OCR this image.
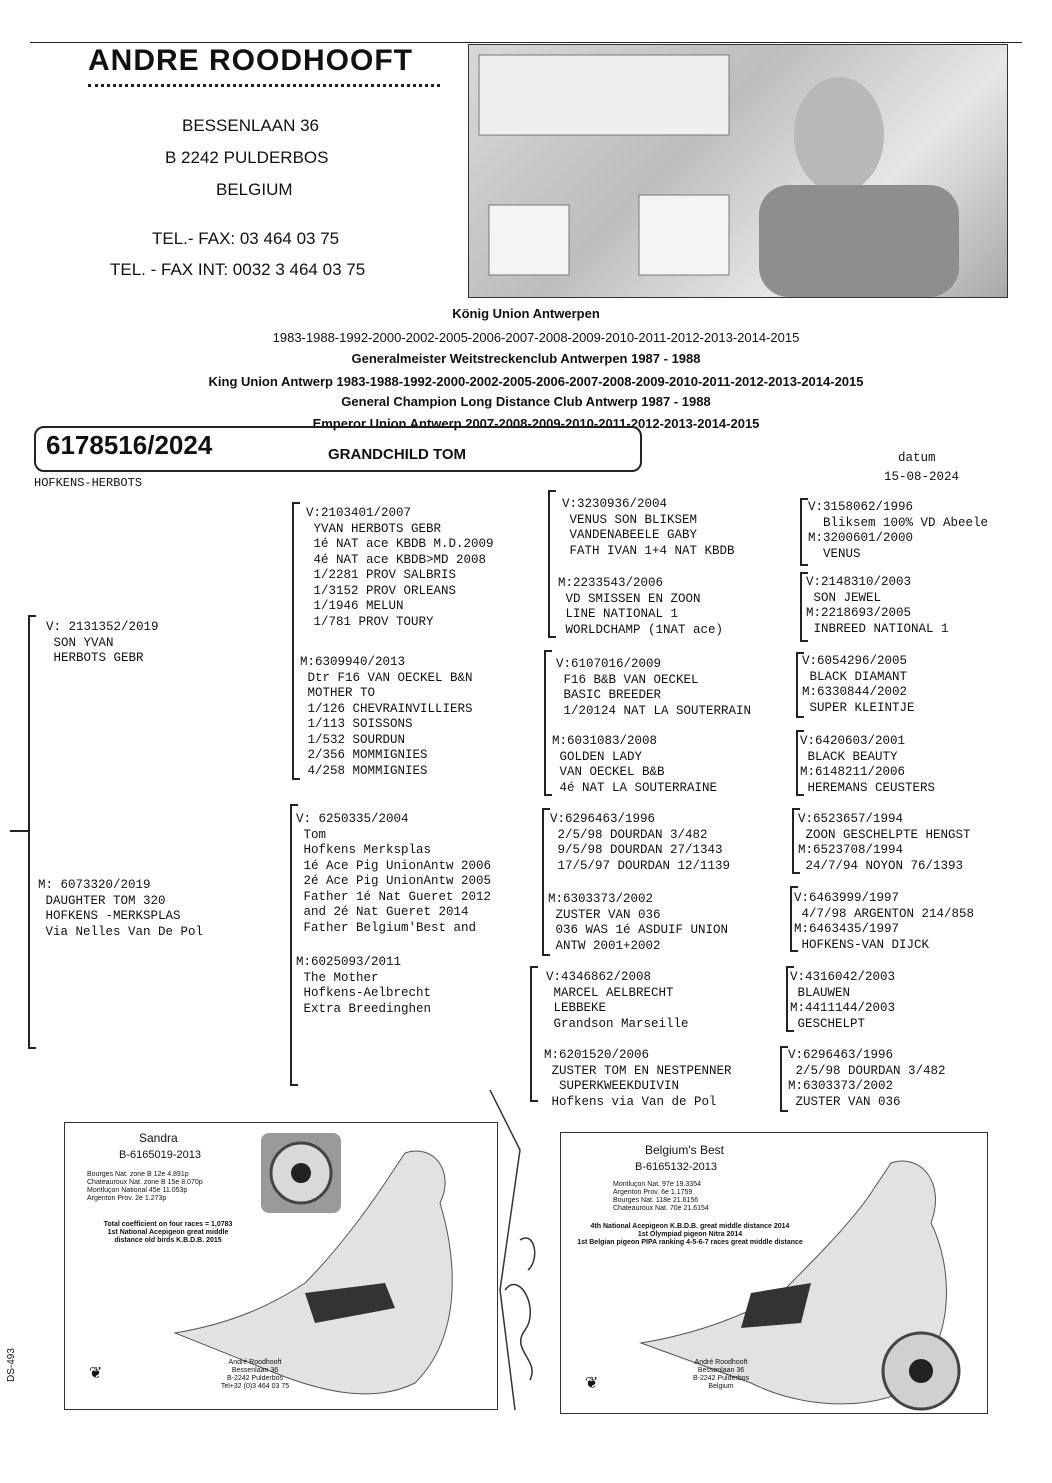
ANDRE ROODHOOFT
BESSENLAAN 36
B 2242 PULDERBOS
BELGIUM
TEL.- FAX: 03 464 03 75
TEL. - FAX INT: 0032 3 464 03 75
König Union Antwerpen
1983-1988-1992-2000-2002-2005-2006-2007-2008-2009-2010-2011-2012-2013-2014-2015
Generalmeister Weitstreckenclub Antwerpen 1987 - 1988
King Union Antwerp 1983-1988-1992-2000-2002-2005-2006-2007-2008-2009-2010-2011-2012-2013-2014-2015
General Champion Long Distance Club Antwerp 1987 - 1988
Emperor Union Antwerp 2007-2008-2009-2010-2011-2012-2013-2014-2015
6178516/2024	GRANDCHILD TOM
HOFKENS-HERBOTS
datum
15-08-2024
V: 2131352/2019
SON YVAN
HERBOTS GEBR
M: 6073320/2019
DAUGHTER TOM 320
HOFKENS -MERKSPLAS
Via Nelles Van De Pol
V:2103401/2007
YVAN HERBOTS GEBR
1é NAT ace KBDB M.D.2009
4é NAT ace KBDB>MD 2008
1/2281 PROV SALBRIS
1/3152 PROV ORLEANS
1/1946 MELUN
1/781 PROV TOURY
M:6309940/2013
Dtr F16 VAN OECKEL B&N
MOTHER TO
1/126 CHEVRAINVILLIERS
1/113 SOISSONS
1/532 SOURDUN
2/356 MOMMIGNIES
4/258 MOMMIGNIES
V: 6250335/2004
Tom
Hofkens Merksplas
1é Ace Pig UnionAntw 2006
2é Ace Pig UnionAntw 2005
Father 1é Nat Gueret 2012
and 2é Nat Gueret 2014
Father Belgium'Best and
M:6025093/2011
The Mother
Hofkens-Aelbrecht
Extra Breedinghen
V:3230936/2004
VENUS SON BLIKSEM
VANDENABEELE GABY
FATH IVAN 1+4 NAT KBDB
M:2233543/2006
VD SMISSEN EN ZOON
LINE NATIONAL 1
WORLDCHAMP (1NAT ace)
V:6107016/2009
F16 B&B VAN OECKEL
BASIC BREEDER
1/20124 NAT LA SOUTERRAIN
M:6031083/2008
GOLDEN LADY
VAN OECKEL B&B
4é NAT LA SOUTERRAINE
V:6296463/1996
2/5/98 DOURDAN 3/482
9/5/98 DOURDAN 27/1343
17/5/97 DOURDAN 12/1139
M:6303373/2002
ZUSTER VAN 036
036 WAS 1é ASDUIF UNION
ANTW 2001+2002
V:4346862/2008
MARCEL AELBRECHT
LEBBEKE
Grandson Marseille
M:6201520/2006
ZUSTER TOM EN NESTPENNER
SUPERKWEEKDUIVIN
Hofkens via Van de Pol
V:3158062/1996
Bliksem 100% VD Abeele
M:3200601/2000
VENUS
V:2148310/2003
SON JEWEL
M:2218693/2005
INBREED NATIONAL 1
V:6054296/2005
BLACK DIAMANT
M:6330844/2002
SUPER KLEINTJE
V:6420603/2001
BLACK BEAUTY
M:6148211/2006
HEREMANS CEUSTERS
V:6523657/1994
ZOON GESCHELPTE HENGST
M:6523708/1994
24/7/94 NOYON 76/1393
V:6463999/1997
4/7/98 ARGENTON 214/858
M:6463435/1997
HOFKENS-VAN DIJCK
V:4316042/2003
BLAUWEN
M:4411144/2003
GESCHELPT
V:6296463/1996
2/5/98 DOURDAN 3/482
M:6303373/2002
ZUSTER VAN 036
Sandra
B-6165019-2013
Bourges Nat. zone B 12e 4.891p
Chateauroux Nat. zone B 15e 8.070p
Montluçon National 45e 11.053p
Argenton Prov. 2e 1.273p
Total coefficient on four races = 1,0783
1st National Acepigeon great middle
distance old birds K.B.D.B. 2015
André Roodhooft
Bessenlaan 36
B-2242 Pulderbos
Tel+32 (0)3 464 03 75
❦
Belgium's Best
B-6165132-2013
Montluçon Nat. 97e 19.3354
Argenton Prov. 6e 1.1759
Bourges Nat. 118e 21.6156
Chateauroux Nat. 70e 21.6154
4th National Acepigeon K.B.D.B. great middle distance 2014
1st Olympiad pigeon Nitra 2014
1st Belgian pigeon PIPA ranking 4-5-6-7 races great middle distance
André Roodhooft
Bessenlaan 36
B-2242 Pulderbos
Belgium
❦
DS-493
